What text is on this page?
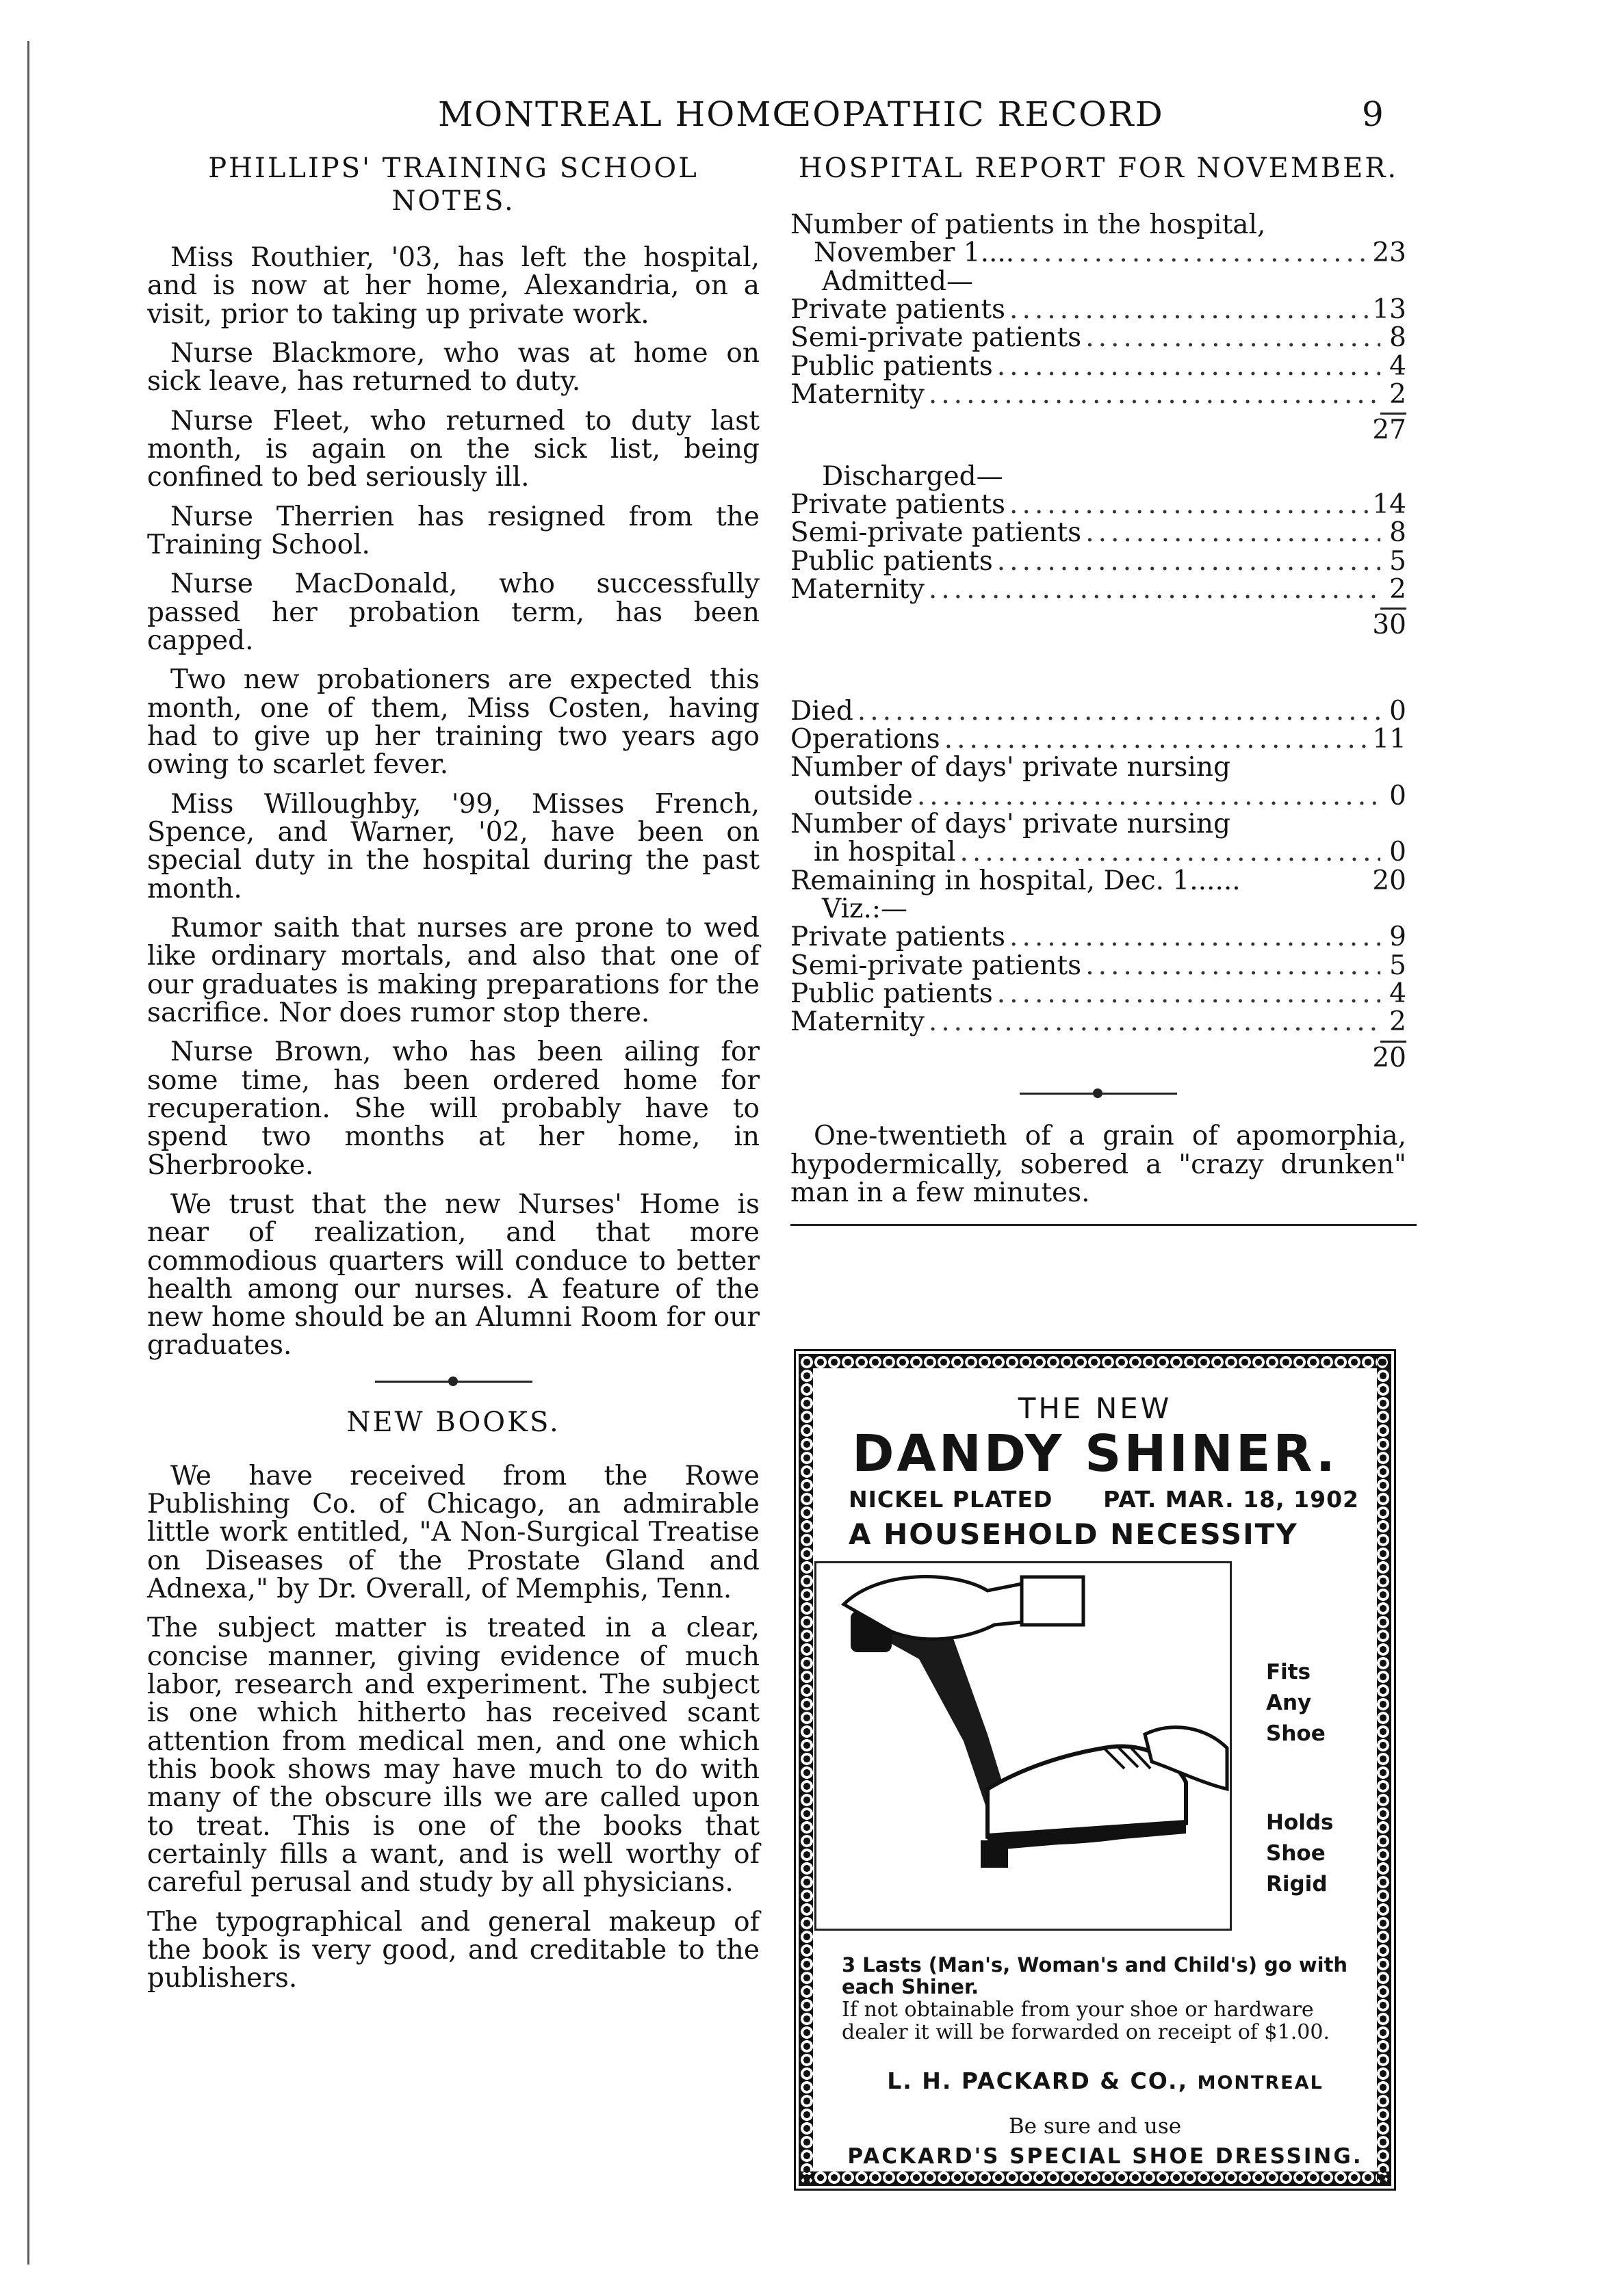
MONTREAL HOMŒOPATHIC RECORD	9
PHILLIPS' TRAINING SCHOOL NOTES.

Miss Routhier, '03, has left the hospital, and is now at her home, Alexandria, on a visit, prior to taking up private work.

Nurse Blackmore, who was at home on sick leave, has returned to duty.

Nurse Fleet, who returned to duty last month, is again on the sick list, being confined to bed seriously ill.

Nurse Therrien has resigned from the Training School.

Nurse MacDonald, who successfully passed her probation term, has been capped.

Two new probationers are expected this month, one of them, Miss Costen, having had to give up her training two years ago owing to scarlet fever.

Miss Willoughby, '99, Misses French, Spence, and Warner, '02, have been on special duty in the hospital during the past month.

Rumor saith that nurses are prone to wed like ordinary mortals, and also that one of our graduates is making preparations for the sacrifice. Nor does rumor stop there.

Nurse Brown, who has been ailing for some time, has been ordered home for recuperation. She will probably have to spend two months at her home, in Sherbrooke.

We trust that the new Nurses' Home is near of realization, and that more commodious quarters will conduce to better health among our nurses. A feature of the new home should be an Alumni Room for our graduates.

NEW BOOKS.

We have received from the Rowe Publishing Co. of Chicago, an admirable little work entitled, "A Non-Surgical Treatise on Diseases of the Prostate Gland and Adnexa," by Dr. Overall, of Memphis, Tenn.

The subject matter is treated in a clear, concise manner, giving evidence of much labor, research and experiment. The subject is one which hitherto has received scant attention from medical men, and one which this book shows may have much to do with many of the obscure ills we are called upon to treat. This is one of the books that certainly fills a want, and is well worthy of careful perusal and study by all physicians.

The typographical and general makeup of the book is very good, and creditable to the publishers.

HOSPITAL REPORT FOR NOVEMBER.
Number of patients in the hospital,
November 1.... .....	23
Admitted—
Private patients .....	13
Semi-private patients .....	8
Public patients .....	4
Maternity .....	2
27
Discharged—
Private patients .....	14
Semi-private patients .....	8
Public patients .....	5
Maternity .....	2
30
Died .....	0
Operations .....	11
Number of days' private nursing
outside .....	0
Number of days' private nursing
in hospital .....	0
Remaining in hospital, Dec. 1......	20
Viz.:—
Private patients .....	9
Semi-private patients .....	5
Public patients .....	4
Maternity .....	2
20

One-twentieth of a grain of apomorphia, hypodermically, sobered a "crazy drunken" man in a few minutes.

THE NEW
DANDY SHINER.
NICKEL PLATED PAT. MAR. 18, 1902
A HOUSEHOLD NECESSITY
Fits
Any
Shoe
Holds
Shoe
Rigid
3 Lasts (Man's, Woman's and Child's) go with each Shiner.
If not obtainable from your shoe or hardware dealer it will be forwarded on receipt of $1.00.
L. H. PACKARD & CO., MONTREAL
Be sure and use
PACKARD'S SPECIAL SHOE DRESSING.
